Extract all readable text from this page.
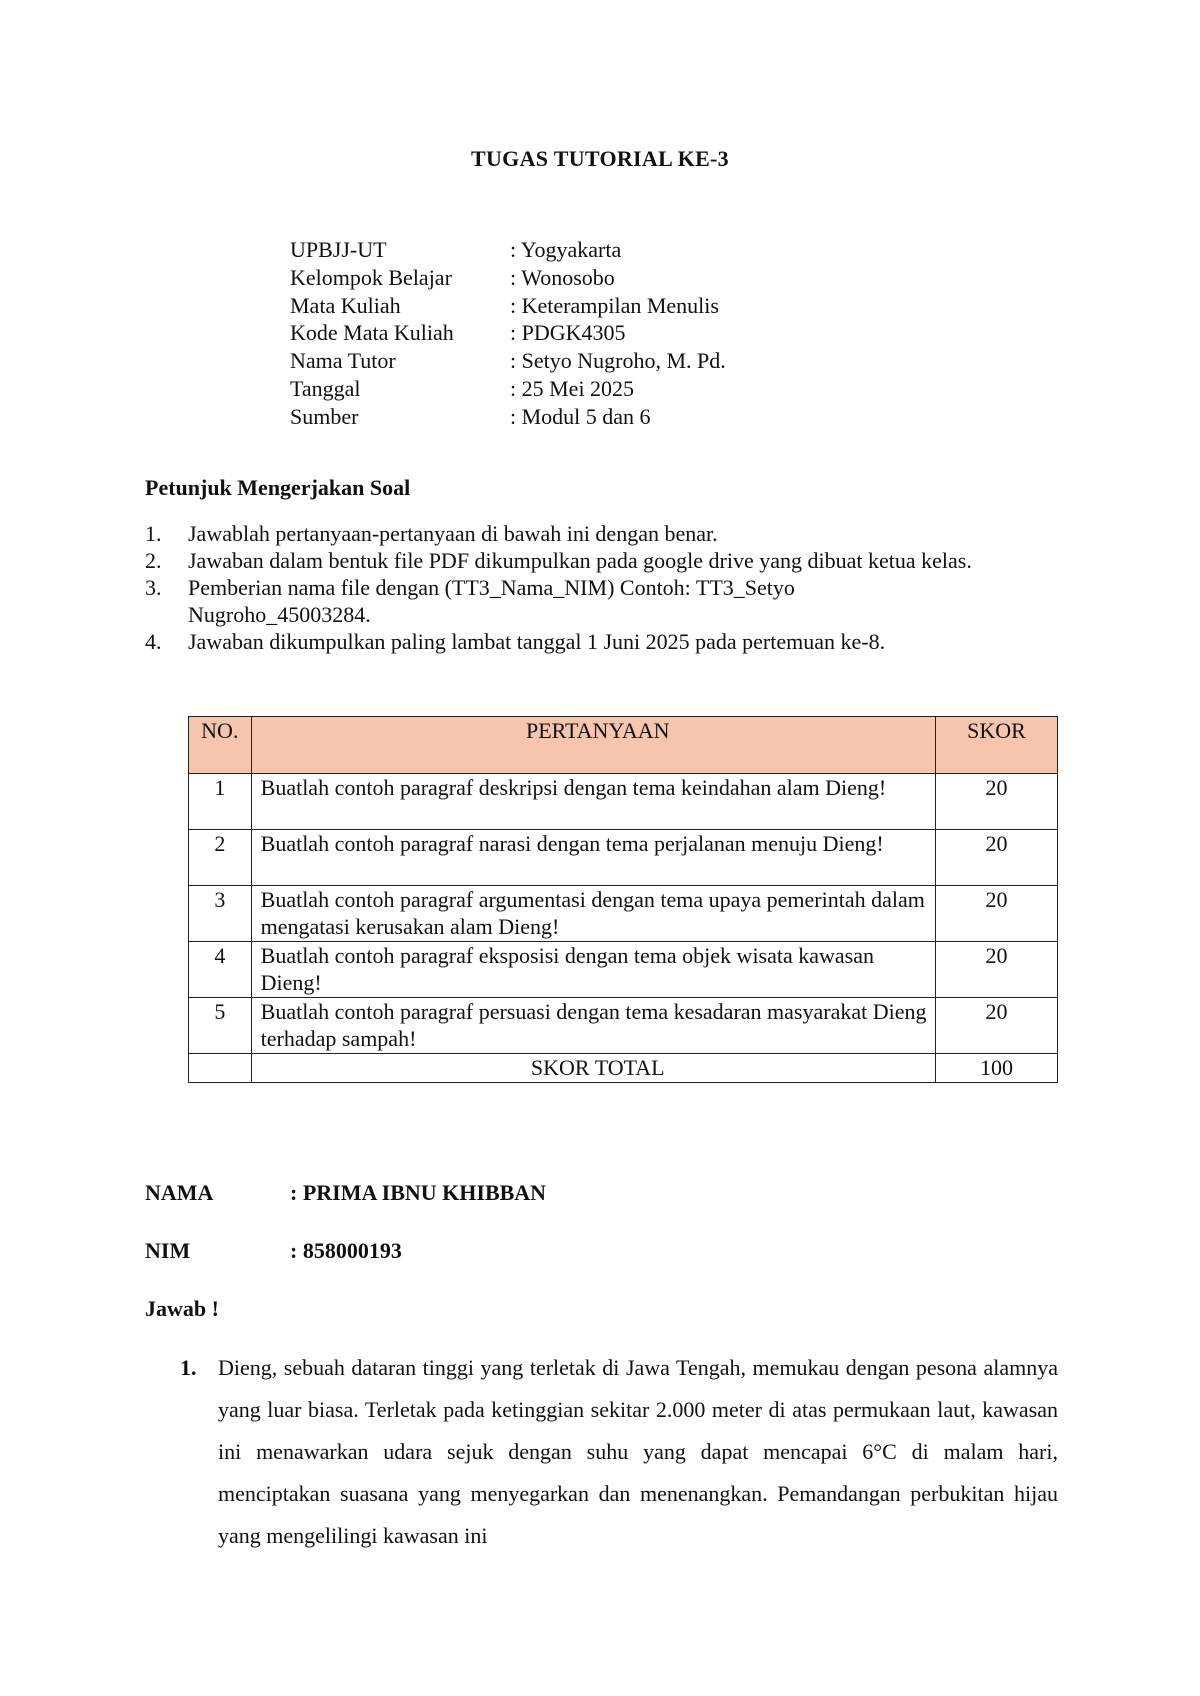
TUGAS TUTORIAL KE-3
UPBJJ-UT	: Yogyakarta
Kelompok Belajar	: Wonosobo
Mata Kuliah	: Keterampilan Menulis
Kode Mata Kuliah	: PDGK4305
Nama Tutor	: Setyo Nugroho, M. Pd.
Tanggal	: 25 Mei 2025
Sumber	: Modul 5 dan 6
Petunjuk Mengerjakan Soal
1.	Jawablah pertanyaan-pertanyaan di bawah ini dengan benar.
2.	Jawaban dalam bentuk file PDF dikumpulkan pada google drive yang dibuat ketua kelas.
3.	Pemberian nama file dengan (TT3_Nama_NIM) Contoh: TT3_Setyo Nugroho_45003284.
4.	Jawaban dikumpulkan paling lambat tanggal 1 Juni 2025 pada pertemuan ke-8.
NO.	PERTANYAAN	SKOR
1	Buatlah contoh paragraf deskripsi dengan tema keindahan alam Dieng!	20
2	Buatlah contoh paragraf narasi dengan tema perjalanan menuju Dieng!	20
3	Buatlah contoh paragraf argumentasi dengan tema upaya pemerintah dalam mengatasi kerusakan alam Dieng!	20
4	Buatlah contoh paragraf eksposisi dengan tema objek wisata kawasan Dieng!	20
5	Buatlah contoh paragraf persuasi dengan tema kesadaran masyarakat Dieng terhadap sampah!	20
	SKOR TOTAL	100
NAMA	: PRIMA IBNU KHIBBAN
NIM	: 858000193
Jawab !
1. Dieng, sebuah dataran tinggi yang terletak di Jawa Tengah, memukau dengan pesona alamnya yang luar biasa. Terletak pada ketinggian sekitar 2.000 meter di atas permukaan laut, kawasan ini menawarkan udara sejuk dengan suhu yang dapat mencapai 6°C di malam hari, menciptakan suasana yang menyegarkan dan menenangkan. Pemandangan perbukitan hijau yang mengelilingi kawasan ini
